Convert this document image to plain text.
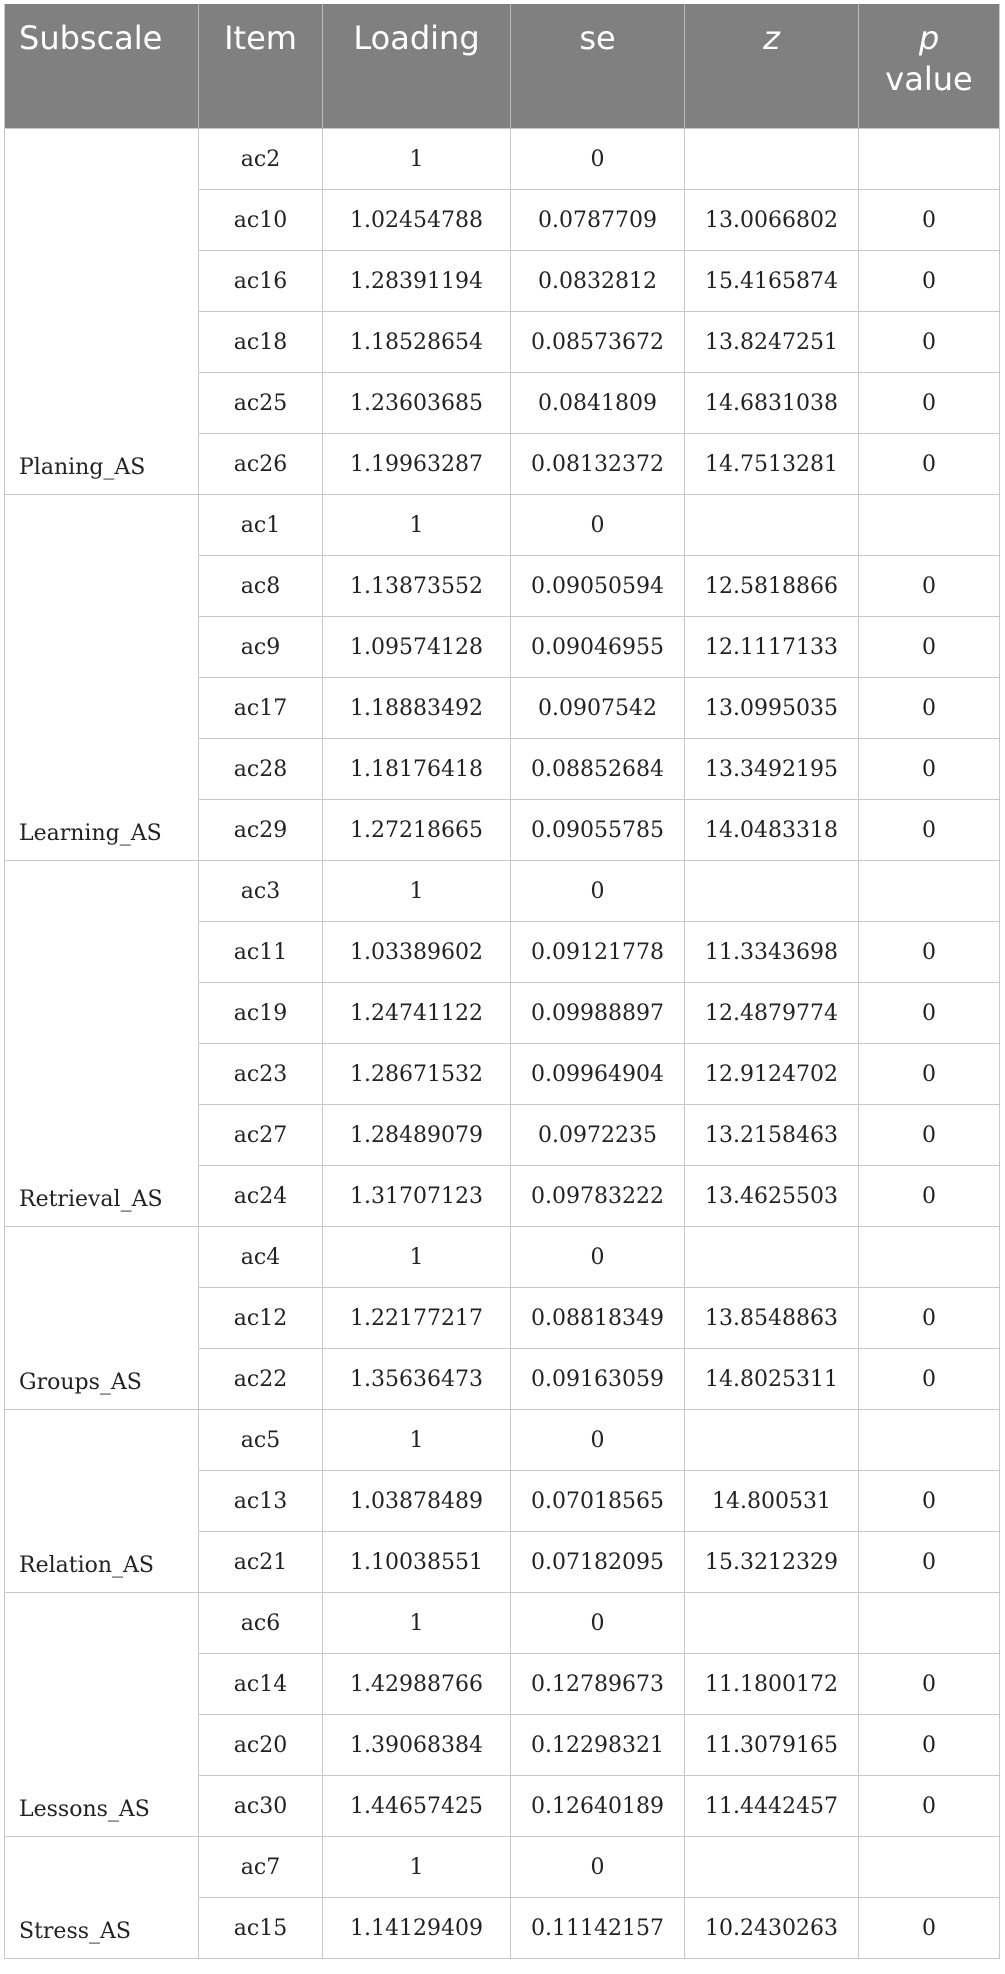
Subscale	Item	Loading	se	z	p
value
Planing_AS	ac2	1	0		
	ac10	1.02454788	0.0787709	13.0066802	0
	ac16	1.28391194	0.0832812	15.4165874	0
	ac18	1.18528654	0.08573672	13.8247251	0
	ac25	1.23603685	0.0841809	14.6831038	0
	ac26	1.19963287	0.08132372	14.7513281	0
Learning_AS	ac1	1	0		
	ac8	1.13873552	0.09050594	12.5818866	0
	ac9	1.09574128	0.09046955	12.1117133	0
	ac17	1.18883492	0.0907542	13.0995035	0
	ac28	1.18176418	0.08852684	13.3492195	0
	ac29	1.27218665	0.09055785	14.0483318	0
Retrieval_AS	ac3	1	0		
	ac11	1.03389602	0.09121778	11.3343698	0
	ac19	1.24741122	0.09988897	12.4879774	0
	ac23	1.28671532	0.09964904	12.9124702	0
	ac27	1.28489079	0.0972235	13.2158463	0
	ac24	1.31707123	0.09783222	13.4625503	0
Groups_AS	ac4	1	0		
	ac12	1.22177217	0.08818349	13.8548863	0
	ac22	1.35636473	0.09163059	14.8025311	0
Relation_AS	ac5	1	0		
	ac13	1.03878489	0.07018565	14.800531	0
	ac21	1.10038551	0.07182095	15.3212329	0
Lessons_AS	ac6	1	0		
	ac14	1.42988766	0.12789673	11.1800172	0
	ac20	1.39068384	0.12298321	11.3079165	0
	ac30	1.44657425	0.12640189	11.4442457	0
Stress_AS	ac7	1	0		
	ac15	1.14129409	0.11142157	10.2430263	0
